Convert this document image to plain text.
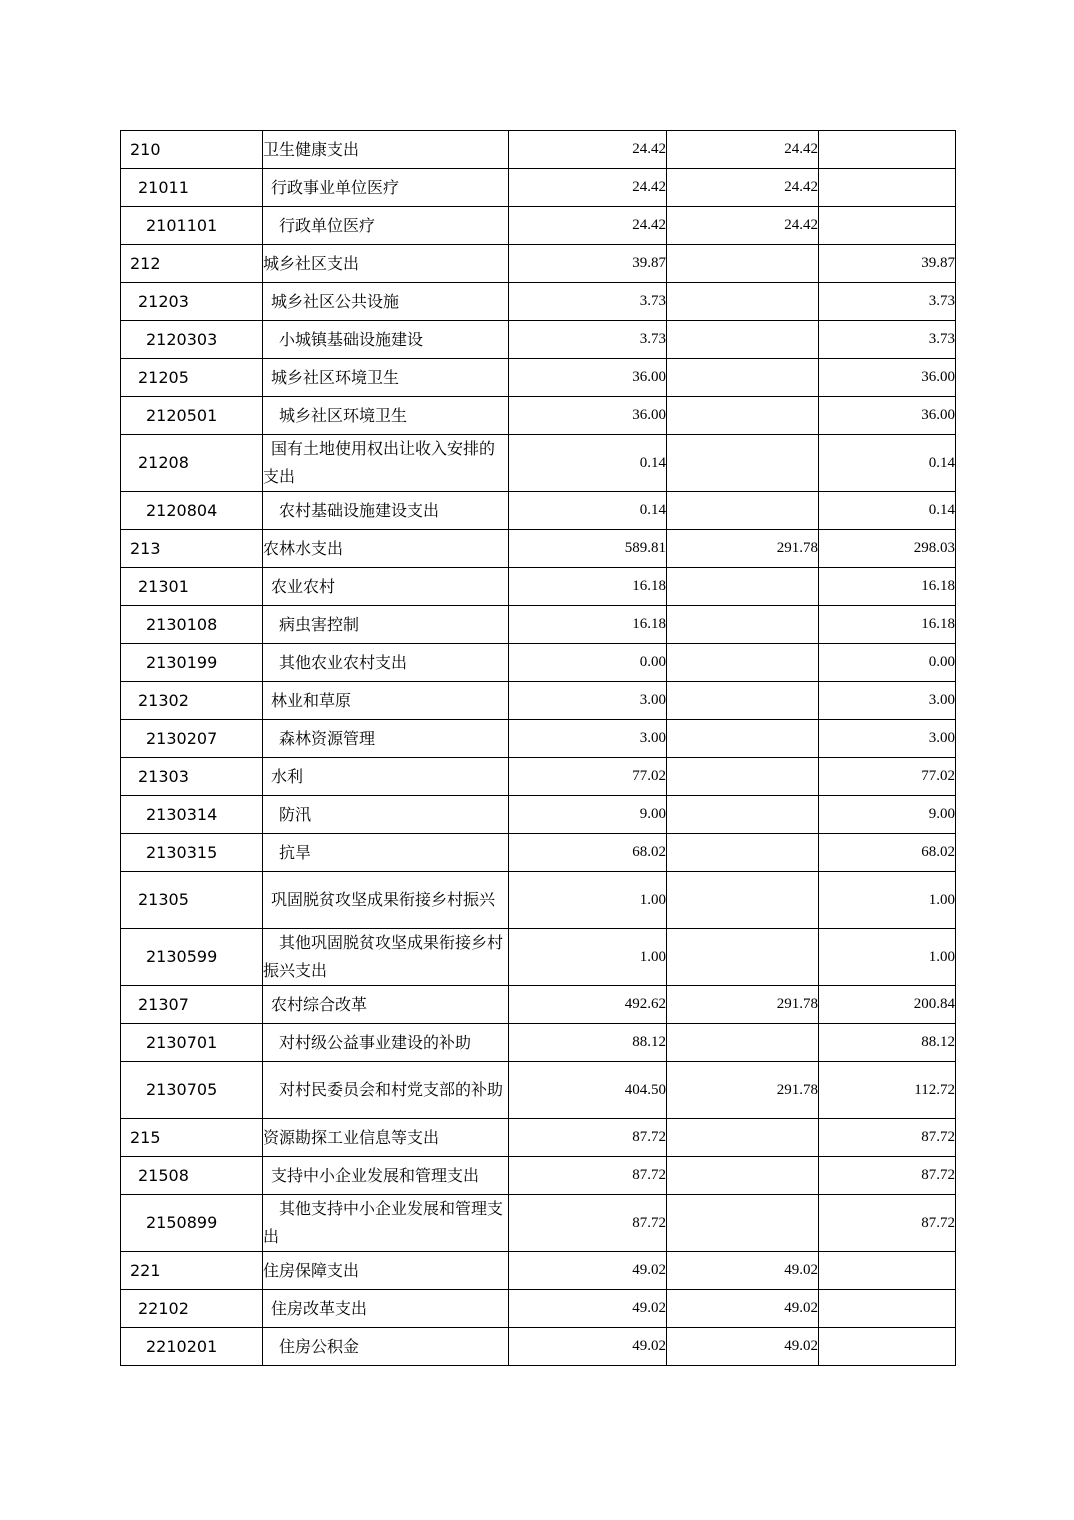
210	卫生健康支出	24.42	24.42	
21011	行政事业单位医疗	24.42	24.42	
2101101	行政单位医疗	24.42	24.42	
212	城乡社区支出	39.87		39.87
21203	城乡社区公共设施	3.73		3.73
2120303	小城镇基础设施建设	3.73		3.73
21205	城乡社区环境卫生	36.00		36.00
2120501	城乡社区环境卫生	36.00		36.00
21208	国有土地使用权出让收入安排的支出	0.14		0.14
2120804	农村基础设施建设支出	0.14		0.14
213	农林水支出	589.81	291.78	298.03
21301	农业农村	16.18		16.18
2130108	病虫害控制	16.18		16.18
2130199	其他农业农村支出	0.00		0.00
21302	林业和草原	3.00		3.00
2130207	森林资源管理	3.00		3.00
21303	水利	77.02		77.02
2130314	防汛	9.00		9.00
2130315	抗旱	68.02		68.02
21305	巩固脱贫攻坚成果衔接乡村振兴	1.00		1.00
2130599	其他巩固脱贫攻坚成果衔接乡村振兴支出	1.00		1.00
21307	农村综合改革	492.62	291.78	200.84
2130701	对村级公益事业建设的补助	88.12		88.12
2130705	对村民委员会和村党支部的补助	404.50	291.78	112.72
215	资源勘探工业信息等支出	87.72		87.72
21508	支持中小企业发展和管理支出	87.72		87.72
2150899	其他支持中小企业发展和管理支出	87.72		87.72
221	住房保障支出	49.02	49.02	
22102	住房改革支出	49.02	49.02	
2210201	住房公积金	49.02	49.02	
